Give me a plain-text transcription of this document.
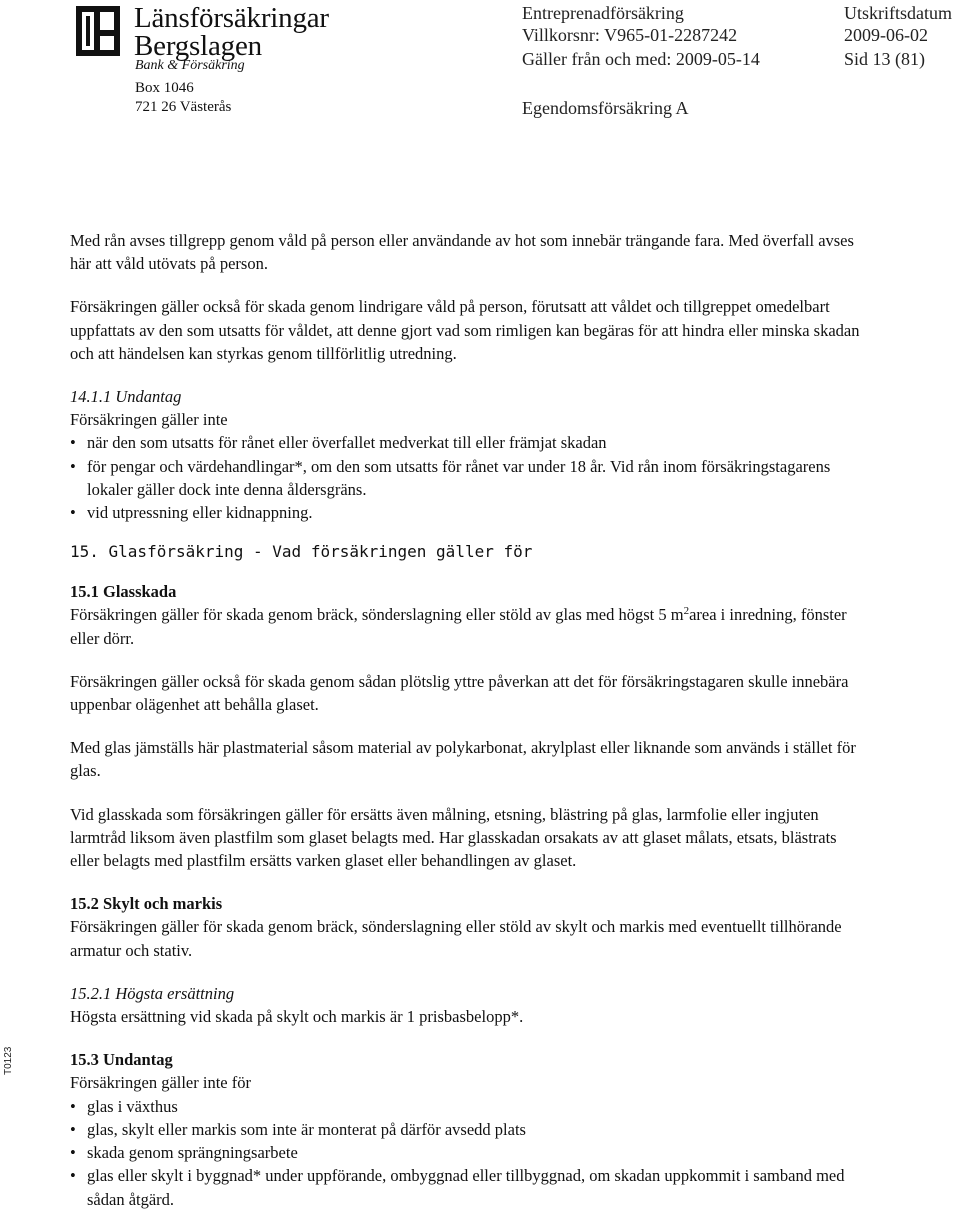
Länsförsäkringar
Bergslagen
Bank & Försäkring
Box 1046
721 26 Västerås
Entreprenadförsäkring	Utskriftsdatum
Villkorsnr: V965-01-2287242	2009-06-02
Gäller från och med: 2009-05-14	Sid 13 (81)
Egendomsförsäkring A

Med rån avses tillgrepp genom våld på person eller användande av hot som innebär trängande fara. Med överfall avses här att våld utövats på person.

Försäkringen gäller också för skada genom lindrigare våld på person, förutsatt att våldet och tillgreppet omedelbart uppfattats av den som utsatts för våldet, att denne gjort vad som rimligen kan begäras för att hindra eller minska skadan och att händelsen kan styrkas genom tillförlitlig utredning.

14.1.1 Undantag

Försäkringen gäller inte

• när den som utsatts för rånet eller överfallet medverkat till eller främjat skadan
• för pengar och värdehandlingar*, om den som utsatts för rånet var under 18 år. Vid rån inom försäkringstagarens lokaler gäller dock inte denna åldersgräns.
• vid utpressning eller kidnappning.

15. Glasförsäkring - Vad försäkringen gäller för

15.1 Glasskada

Försäkringen gäller för skada genom bräck, sönderslagning eller stöld av glas med högst 5 $m^2area$ i inredning, fönster eller dörr.

Försäkringen gäller också för skada genom sådan plötslig yttre påverkan att det för försäkringstagaren skulle innebära uppenbar olägenhet att behålla glaset.

Med glas jämställs här plastmaterial såsom material av polykarbonat, akrylplast eller liknande som används i stället för glas.

Vid glasskada som försäkringen gäller för ersätts även målning, etsning, blästring på glas, larmfolie eller ingjuten larmtråd liksom även plastfilm som glaset belagts med. Har glasskadan orsakats av att glaset målats, etsats, blästrats eller belagts med plastfilm ersätts varken glaset eller behandlingen av glaset.

15.2 Skylt och markis

Försäkringen gäller för skada genom bräck, sönderslagning eller stöld av skylt och markis med eventuellt tillhörande armatur och stativ.

15.2.1 Högsta ersättning

Högsta ersättning vid skada på skylt och markis är 1 prisbasbelopp*.

15.3 Undantag

Försäkringen gäller inte för

• glas i växthus
• glas, skylt eller markis som inte är monterat på därför avsedd plats
• skada genom sprängningsarbete
• glas eller skylt i byggnad* under uppförande, ombyggnad eller tillbyggnad, om skadan uppkommit i samband med sådan åtgärd.
T0123
